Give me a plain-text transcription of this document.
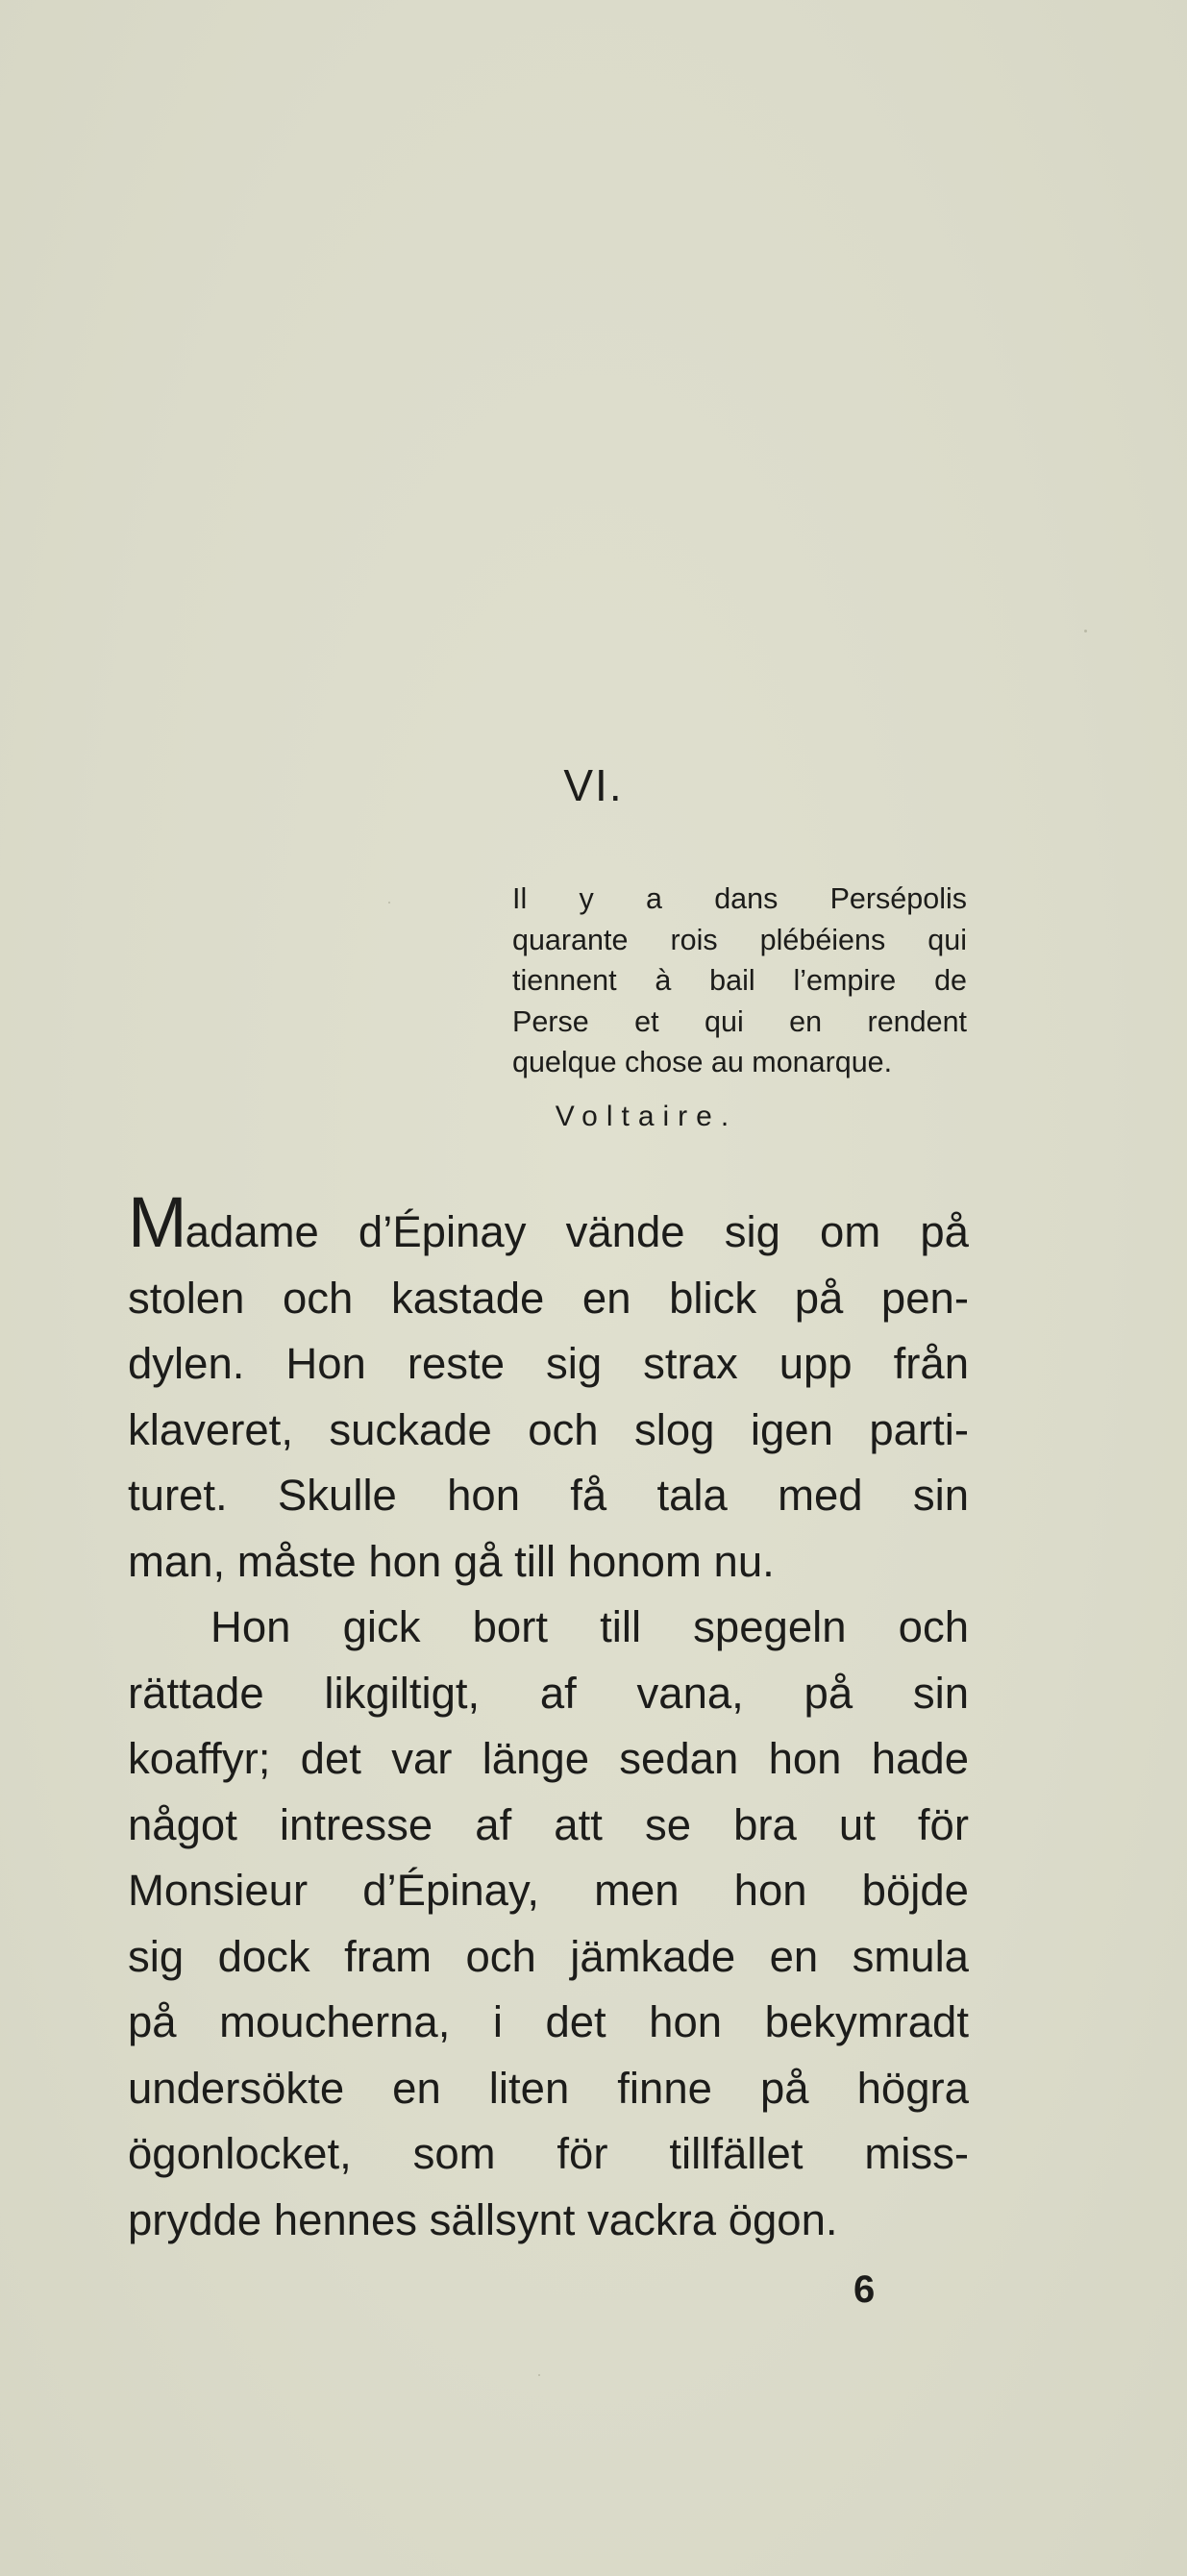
VI.
Il y a dans Persépolis
quarante rois plébéiens qui
tiennent à bail l’empire de
Perse et qui en rendent
quelque chose au monarque.
Voltaire.
Madame d’Épinay vände sig om på
stolen och kastade en blick på pen-
dylen. Hon reste sig strax upp från
klaveret, suckade och slog igen parti-
turet. Skulle hon få tala med sin
man, måste hon gå till honom nu.
Hon gick bort till spegeln och
rättade likgiltigt, af vana, på sin
koaffyr; det var länge sedan hon hade
något intresse af att se bra ut för
Monsieur d’Épinay, men hon böjde
sig dock fram och jämkade en smula
på moucherna, i det hon bekymradt
undersökte en liten finne på högra
ögonlocket, som för tillfället miss-
prydde hennes sällsynt vackra ögon.
6
